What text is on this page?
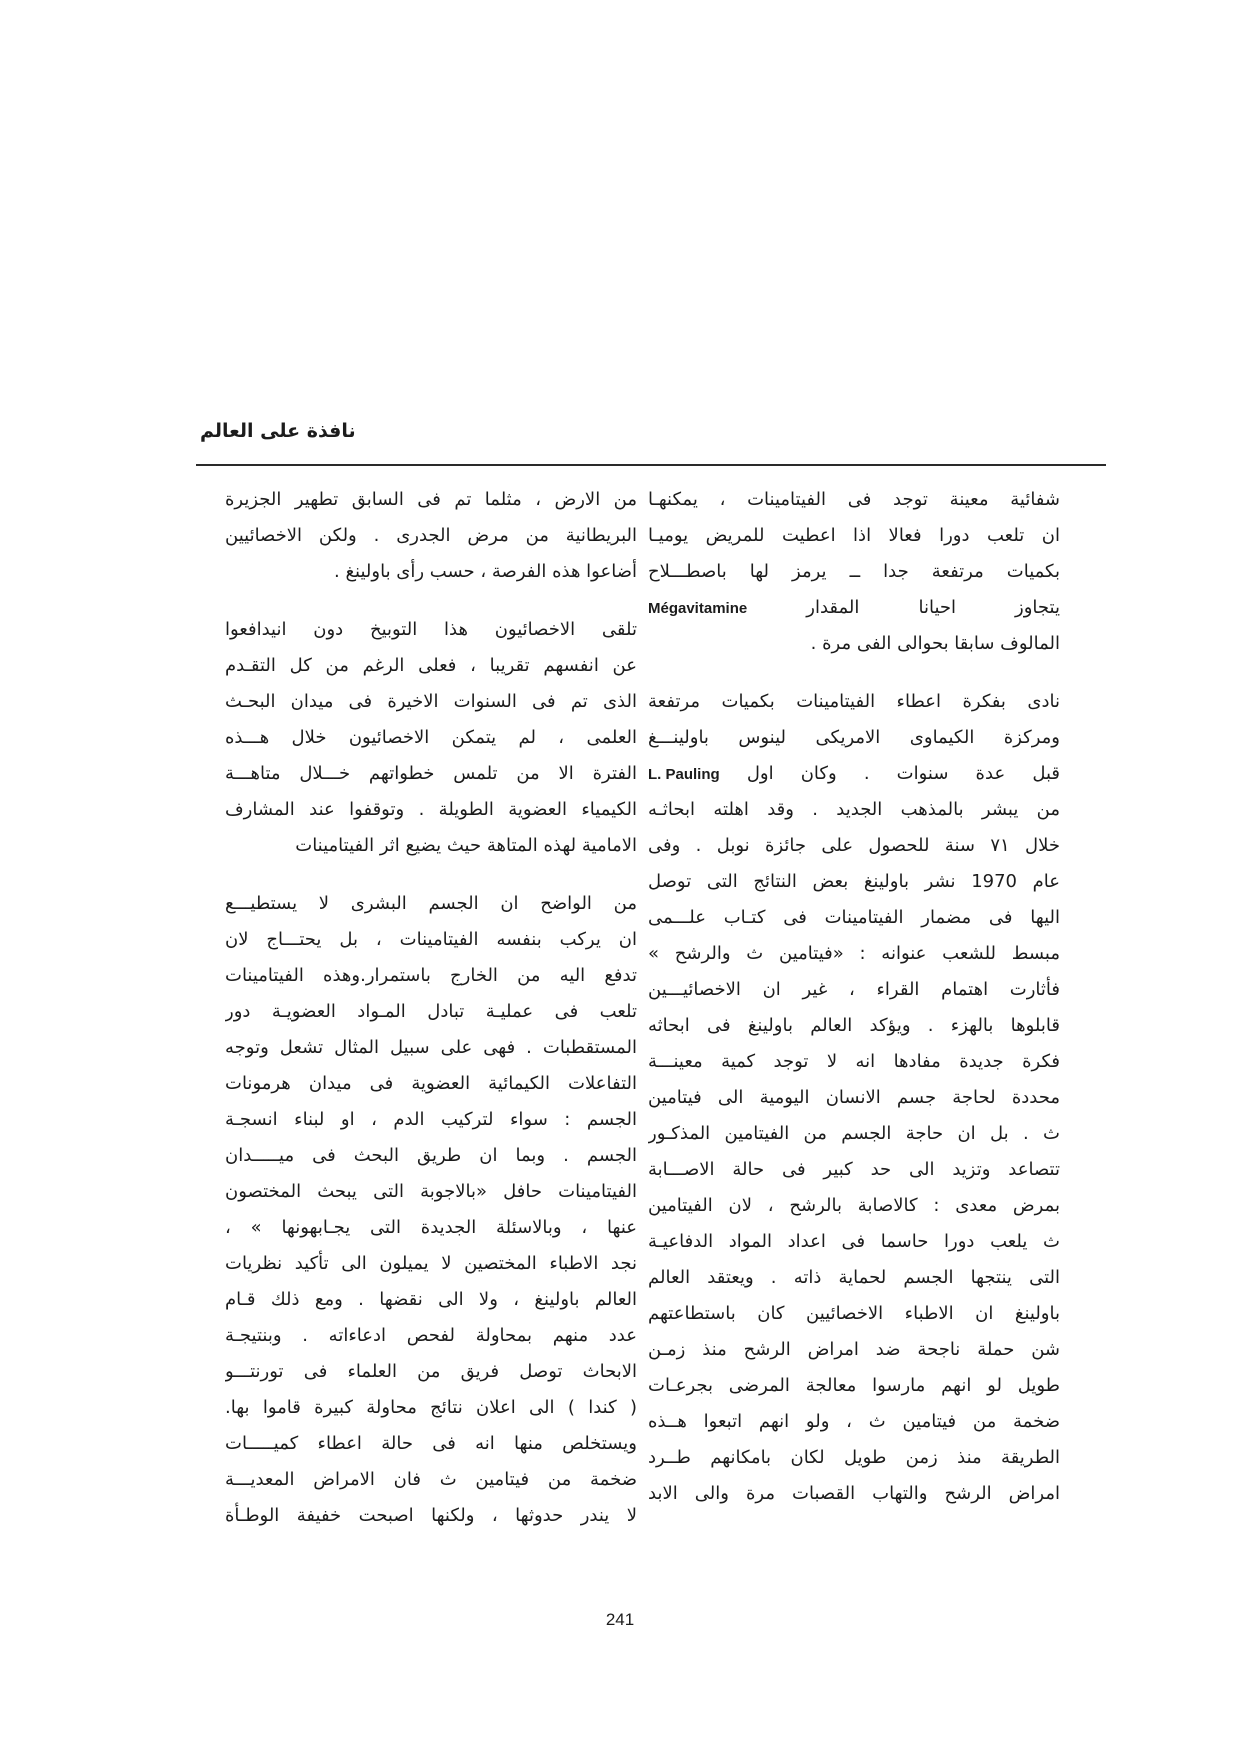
نافذة على العالم
شفائية معينة توجد فى الفيتامينات ، يمكنهـا
ان تلعب دورا فعالا اذا اعطيت للمريض يوميـا
بكميات مرتفعة جدا ــ يرمز لها باصطـــلاح
يتجاوز احيانا المقدار Mégavitamine
المالوف سابقا بحوالى الفى مرة .
نادى بفكرة اعطاء الفيتامينات بكميات مرتفعة
ومركزة الكيماوى الامريكى لينوس باولينـــغ
قبل عدة سنوات . وكان اول L. Pauling
من يبشر بالمذهب الجديد . وقد اهلته ابحاثـه
خلال ٧١ سنة للحصول على جائزة نوبل . وفى
عام 1970 نشر باولينغ بعض النتائج التى توصل
اليها فى مضمار الفيتامينات فى كتـاب علـــمى
مبسط للشعب عنوانه : «فيتامين ث والرشح »
فأثارت اهتمام القراء ، غير ان الاخصائيـــين
قابلوها بالهزء . ويؤكد العالم باولينغ فى ابحاثه
فكرة جديدة مفادها انه لا توجد كمية معينـــة
محددة لحاجة جسم الانسان اليومية الى فيتامين
ث . بل ان حاجة الجسم من الفيتامين المذكـور
تتصاعد وتزيد الى حد كبير فى حالة الاصـــابة
بمرض معدى : كالاصابة بالرشح ، لان الفيتامين
ث يلعب دورا حاسما فى اعداد المواد الدفاعيـة
التى ينتجها الجسم لحماية ذاته . ويعتقد العالم
باولينغ ان الاطباء الاخصائيين كان باستطاعتهم
شن حملة ناجحة ضد امراض الرشح منذ زمـن
طويل لو انهم مارسوا معالجة المرضى بجرعـات
ضخمة من فيتامين ث ، ولو انهم اتبعوا هــذه
الطريقة منذ زمن طويل لكان بامكانهم طــرد
امراض الرشح والتهاب القصبات مرة والى الابد
من الارض ، مثلما تم فى السابق تطهير الجزيرة
البريطانية من مرض الجدرى . ولكن الاخصائيين
أضاعوا هذه الفرصة ، حسب رأى باولينغ .
تلقى الاخصائيون هذا التوبيخ دون انيدافعوا
عن انفسهم تقريبا ، فعلى الرغم من كل التقـدم
الذى تم فى السنوات الاخيرة فى ميدان البحـث
العلمى ، لم يتمكن الاخصائيون خلال هـــذه
الفترة الا من تلمس خطواتهم خـــلال متاهـــة
الكيمياء العضوية الطويلة . وتوقفوا عند المشارف
الامامية لهذه المتاهة حيث يضيع اثر الفيتامينات
من الواضح ان الجسم البشرى لا يستطيـــع
ان يركب بنفسه الفيتامينات ، بل يحتـــاج لان
تدفع اليه من الخارج باستمرار.وهذه الفيتامينات
تلعب فى عمليـة تبادل المـواد العضويـة دور
المستقطبات . فهى على سبيل المثال تشعل وتوجه
التفاعلات الكيمائية العضوية فى ميدان هرمونات
الجسم : سواء لتركيب الدم ، او لبناء انسجـة
الجسم . وبما ان طريق البحث فى ميـــــدان
الفيتامينات حافل «بالاجوبة التى يبحث المختصون
عنها ، وبالاسئلة الجديدة التى يجـابهونها » ،
نجد الاطباء المختصين لا يميلون الى تأكيد نظريات
العالم باولينغ ، ولا الى نقضها . ومع ذلك قـام
عدد منهم بمحاولة لفحص ادعاءاته . وبنتيجـة
الابحاث توصل فريق من العلماء فى تورنتـــو
( كندا ) الى اعلان نتائج محاولة كبيرة قاموا بها.
ويستخلص منها انه فى حالة اعطاء كميـــــات
ضخمة من فيتامين ث فان الامراض المعديـــة
لا يندر حدوثها ، ولكنها اصبحت خفيفة الوطـأة
241
